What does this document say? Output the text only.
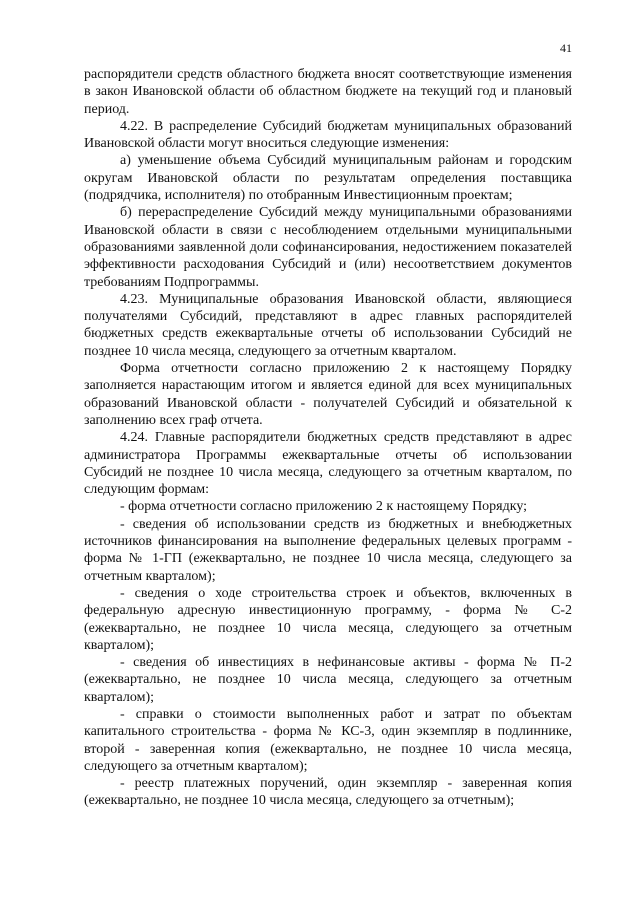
41

распорядители средств областного бюджета вносят соответствующие изменения в закон Ивановской области об областном бюджете на текущий год и плановый период.

4.22. В распределение Субсидий бюджетам муниципальных образований Ивановской области могут вноситься следующие изменения:

а) уменьшение объема Субсидий муниципальным районам и городским округам Ивановской области по результатам определения поставщика (подрядчика, исполнителя) по отобранным Инвестиционным проектам;

б) перераспределение Субсидий между муниципальными образованиями Ивановской области в связи с несоблюдением отдельными муниципальными образованиями заявленной доли софинансирования, недостижением показателей эффективности расходования Субсидий и (или) несоответствием документов требованиям Подпрограммы.

4.23. Муниципальные образования Ивановской области, являющиеся получателями Субсидий, представляют в адрес главных распорядителей бюджетных средств ежеквартальные отчеты об использовании Субсидий не позднее 10 числа месяца, следующего за отчетным кварталом.

Форма отчетности согласно приложению 2 к настоящему Порядку заполняется нарастающим итогом и является единой для всех муниципальных образований Ивановской области - получателей Субсидий и обязательной к заполнению всех граф отчета.

4.24. Главные распорядители бюджетных средств представляют в адрес администратора Программы ежеквартальные отчеты об использовании Субсидий не позднее 10 числа месяца, следующего за отчетным кварталом, по следующим формам:

- форма отчетности согласно приложению 2 к настоящему Порядку;

- сведения об использовании средств из бюджетных и внебюджетных источников финансирования на выполнение федеральных целевых программ - форма № 1-ГП (ежеквартально, не позднее 10 числа месяца, следующего за отчетным кварталом);

- сведения о ходе строительства строек и объектов, включенных в федеральную адресную инвестиционную программу, - форма № С-2 (ежеквартально, не позднее 10 числа месяца, следующего за отчетным кварталом);

- сведения об инвестициях в нефинансовые активы - форма № П-2 (ежеквартально, не позднее 10 числа месяца, следующего за отчетным кварталом);

- справки о стоимости выполненных работ и затрат по объектам капитального строительства - форма № КС-3, один экземпляр в подлиннике, второй - заверенная копия (ежеквартально, не позднее 10 числа месяца, следующего за отчетным кварталом);

- реестр платежных поручений, один экземпляр - заверенная копия (ежеквартально, не позднее 10 числа месяца, следующего за отчетным);
